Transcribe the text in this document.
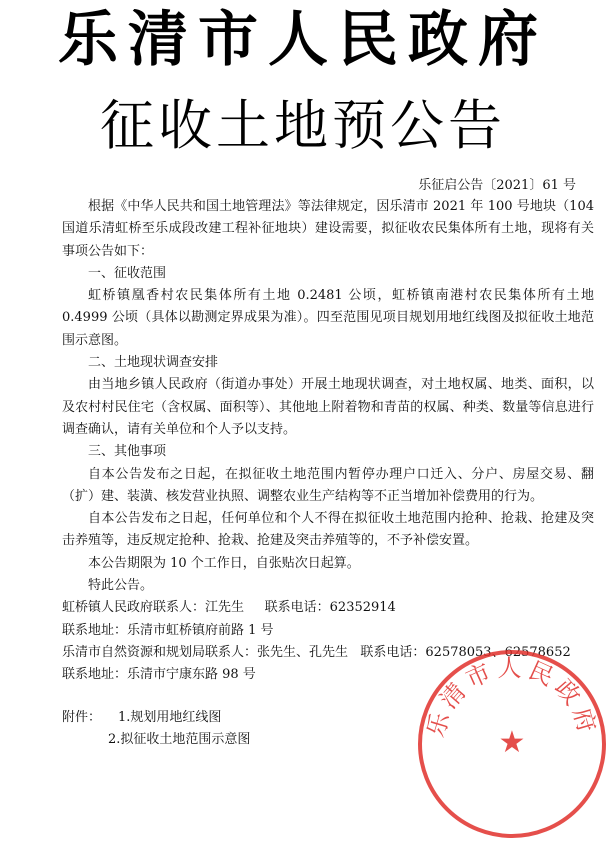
乐清市人民政府
征收土地预公告
乐征启公告〔2021〕61 号

根据《中华人民共和国土地管理法》等法律规定，因乐清市 2021 年 100 号地块（104 国道乐清虹桥至乐成段改建工程补征地块）建设需要，拟征收农民集体所有土地，现将有关事项公告如下：

一、征收范围

虹桥镇凰香村农民集体所有土地 0.2481 公顷，虹桥镇南港村农民集体所有土地 0.4999 公顷（具体以勘测定界成果为准）。四至范围见项目规划用地红线图及拟征收土地范围示意图。

二、土地现状调查安排

由当地乡镇人民政府（街道办事处）开展土地现状调查，对土地权属、地类、面积，以及农村村民住宅（含权属、面积等）、其他地上附着物和青苗的权属、种类、数量等信息进行调查确认，请有关单位和个人予以支持。

三、其他事项

自本公告发布之日起，在拟征收土地范围内暂停办理户口迁入、分户、房屋交易、翻（扩）建、装潢、核发营业执照、调整农业生产结构等不正当增加补偿费用的行为。

自本公告发布之日起，任何单位和个人不得在拟征收土地范围内抢种、抢栽、抢建及突击养殖等，违反规定抢种、抢栽、抢建及突击养殖等的，不予补偿安置。

本公告期限为 10 个工作日，自张贴次日起算。

特此公告。

虹桥镇人民政府联系人：江先生     联系电话：62352914

联系地址：乐清市虹桥镇府前路 1 号

乐清市自然资源和规划局联系人：张先生、孔先生   联系电话：62578053、62578652

联系地址：乐清市宁康东路 98 号

附件：	1.规划用地红线图
2.拟征收土地范围示意图	乐清市人民政府
★
